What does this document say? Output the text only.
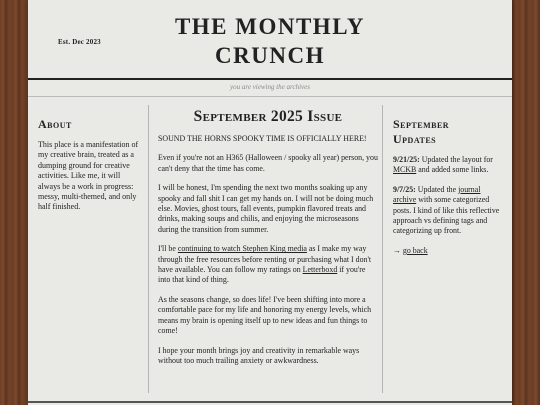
Est. Dec 2023
THE MONTHLY
CRUNCH
you are viewing the archives
About

This place is a manifestation of my creative brain, treated as a dumping ground for creative activities. Like me, it will always be a work in progress: messy, multi-themed, and only half finished.

September 2025 Issue

SOUND THE HORNS SPOOKY TIME IS OFFICIALLY HERE!

Even if you're not an H365 (Halloween / spooky all year) person, you can't deny that the time has come.

I will be honest, I'm spending the next two months soaking up any spooky and fall shit I can get my hands on. I will not be doing much else. Movies, ghost tours, fall events, pumpkin flavored treats and drinks, making soups and chilis, and enjoying the microseasons during the transition from summer.

I'll be continuing to watch Stephen King media as I make my way through the free resources before renting or purchasing what I don't have available. You can follow my ratings on Letterboxd if you're into that kind of thing.

As the seasons change, so does life! I've been shifting into more a comfortable pace for my life and honoring my energy levels, which means my brain is opening itself up to new ideas and fun things to come!

I hope your month brings joy and creativity in remarkable ways without too much trailing anxiety or awkwardness.

September
Updates

9/21/25: Updated the layout for MCKB and added some links.

9/7/25: Updated the journal archive with some categorized posts. I kind of like this reflective approach vs defining tags and categorizing up front.

→ go back
